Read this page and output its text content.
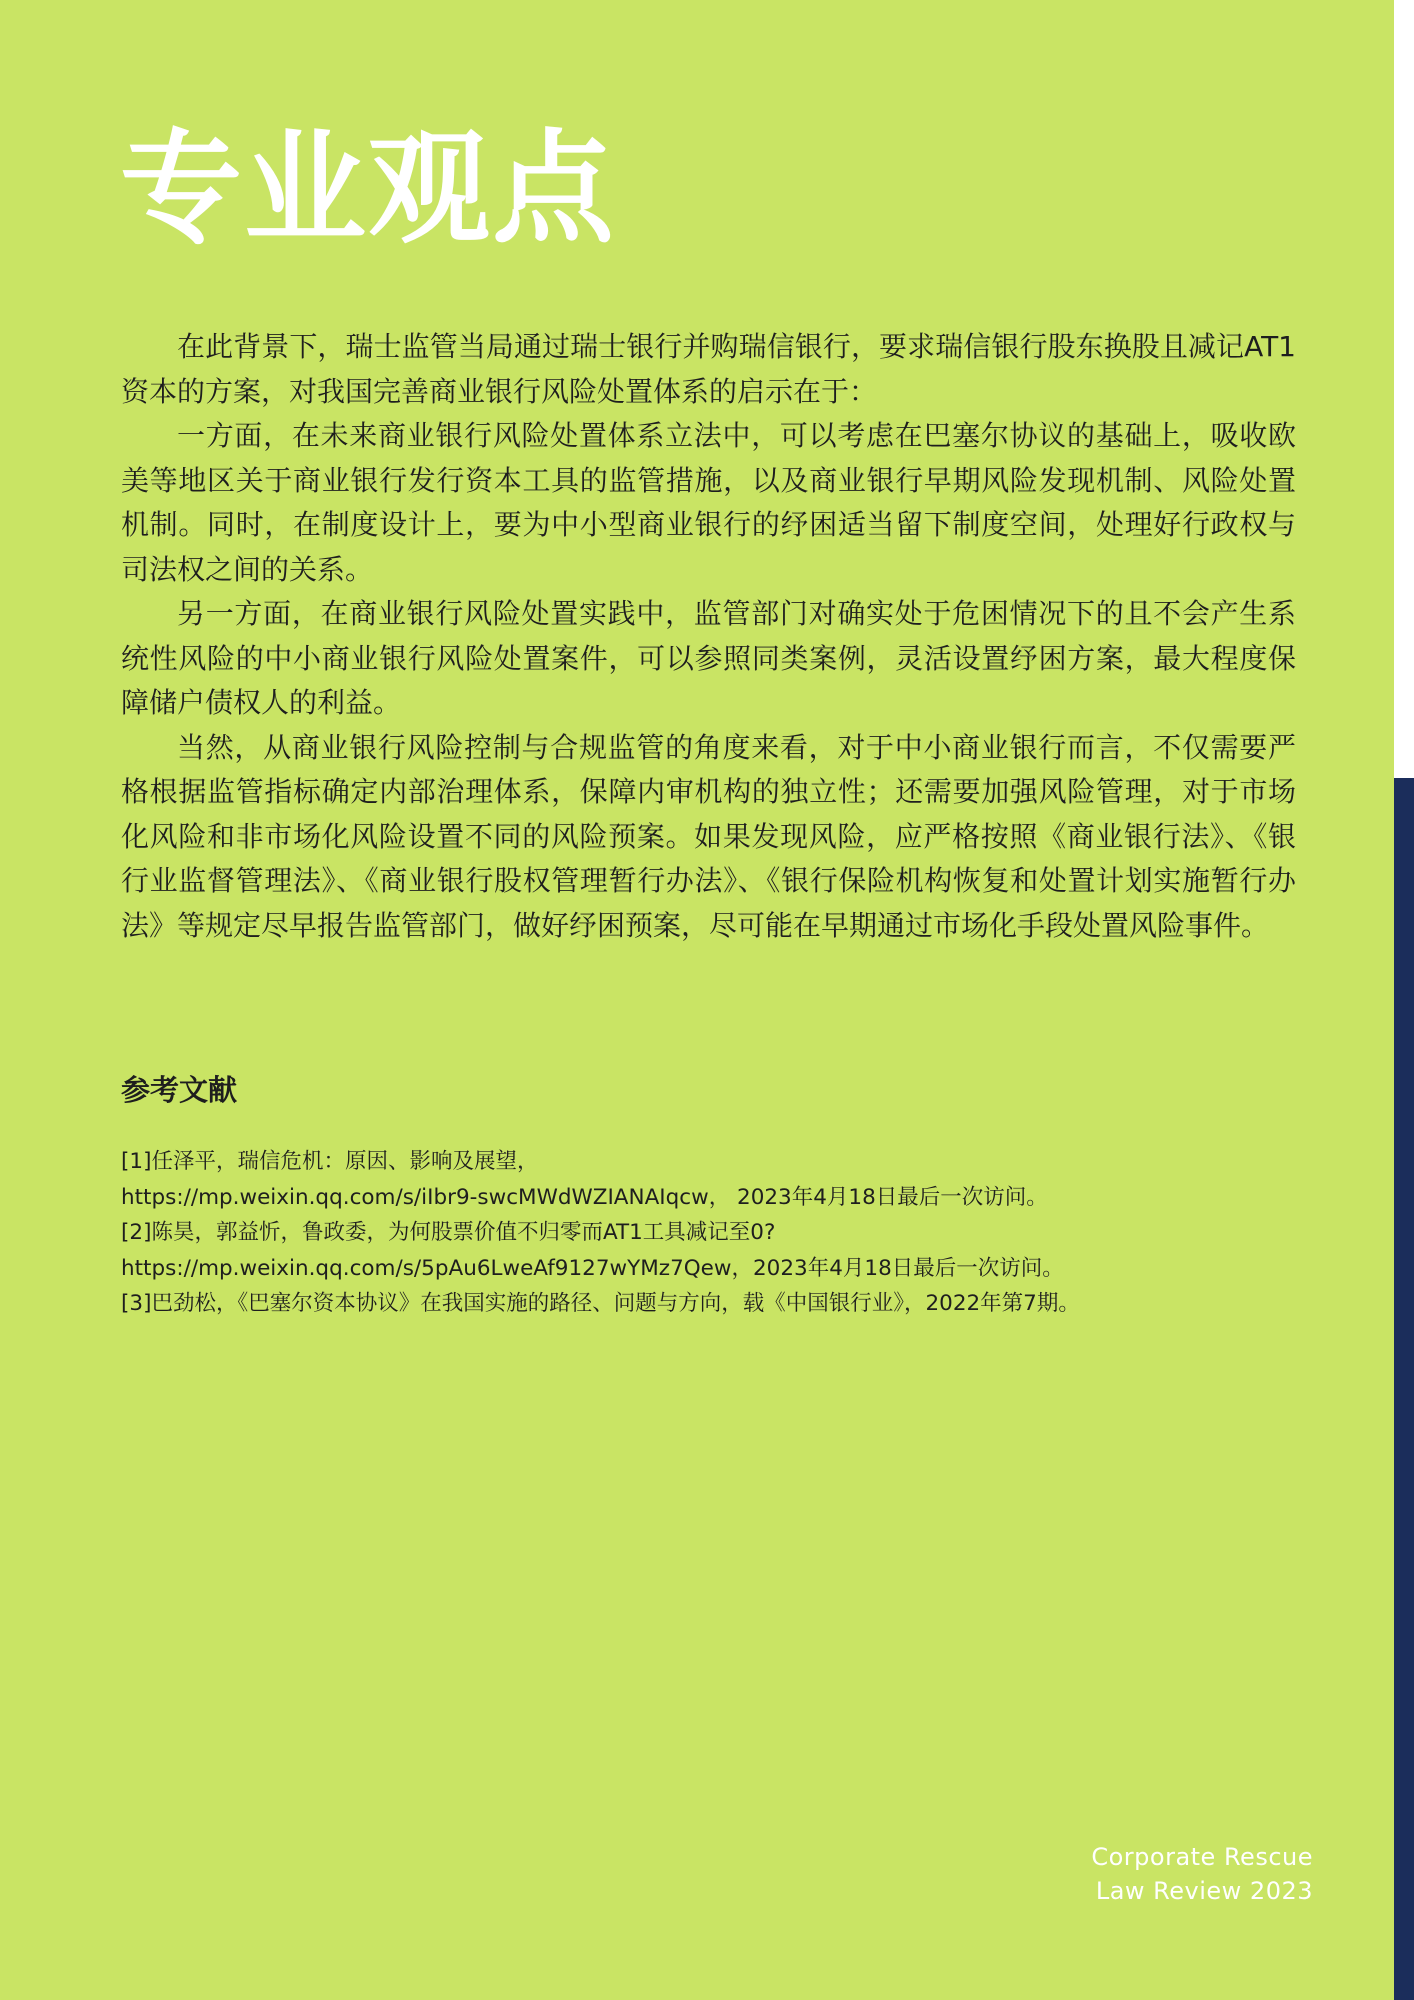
专业观点

在此背景下，瑞士监管当局通过瑞士银行并购瑞信银行，要求瑞信银行股东换股且减记AT1资本的方案，对我国完善商业银行风险处置体系的启示在于：

一方面，在未来商业银行风险处置体系立法中，可以考虑在巴塞尔协议的基础上，吸收欧美等地区关于商业银行发行资本工具的监管措施，以及商业银行早期风险发现机制、风险处置机制。同时，在制度设计上，要为中小型商业银行的纾困适当留下制度空间，处理好行政权与司法权之间的关系。

另一方面，在商业银行风险处置实践中，监管部门对确实处于危困情况下的且不会产生系统性风险的中小商业银行风险处置案件，可以参照同类案例，灵活设置纾困方案，最大程度保障储户债权人的利益。

当然，从商业银行风险控制与合规监管的角度来看，对于中小商业银行而言，不仅需要严格根据监管指标确定内部治理体系，保障内审机构的独立性；还需要加强风险管理，对于市场化风险和非市场化风险设置不同的风险预案。如果发现风险，应严格按照《商业银行法》、《银行业监督管理法》、《商业银行股权管理暂行办法》、《银行保险机构恢复和处置计划实施暂行办法》等规定尽早报告监管部门，做好纾困预案，尽可能在早期通过市场化手段处置风险事件。

参考文献
[1]任泽平，瑞信危机：原因、影响及展望，
https://mp.weixin.qq.com/s/iIbr9-swcMWdWZIANAIqcw， 2023年4月18日最后一次访问。
[2]陈昊，郭益忻，鲁政委，为何股票价值不归零而AT1工具减记至0?
https://mp.weixin.qq.com/s/5pAu6LweAf9127wYMz7Qew，2023年4月18日最后一次访问。
[3]巴劲松，《巴塞尔资本协议》在我国实施的路径、问题与方向，载《中国银行业》，2022年第7期。
Corporate Rescue
Law Review 2023
